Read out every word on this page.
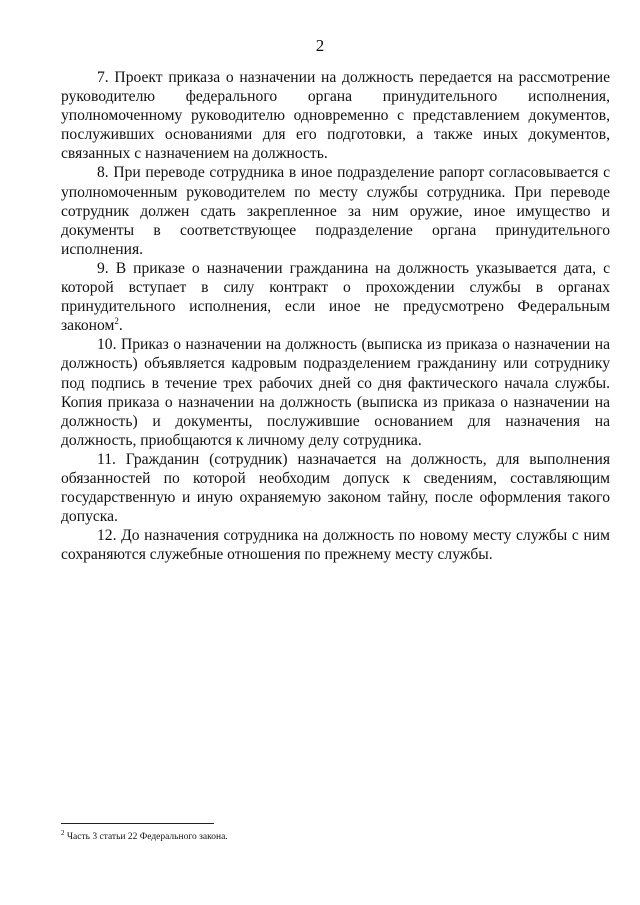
2

7. Проект приказа о назначении на должность передается на рассмотрение руководителю федерального органа принудительного исполнения, уполномоченному руководителю одновременно с представлением документов, послуживших основаниями для его подготовки, а также иных документов, связанных с назначением на должность.

8. При переводе сотрудника в иное подразделение рапорт согласовывается с уполномоченным руководителем по месту службы сотрудника. При переводе сотрудник должен сдать закрепленное за ним оружие, иное имущество и документы в соответствующее подразделение органа принудительного исполнения.

9. В приказе о назначении гражданина на должность указывается дата, с которой вступает в силу контракт о прохождении службы в органах принудительного исполнения, если иное не предусмотрено Федеральным законом$^2$.

10. Приказ о назначении на должность (выписка из приказа о назначении на должность) объявляется кадровым подразделением гражданину или сотруднику под подпись в течение трех рабочих дней со дня фактического начала службы. Копия приказа о назначении на должность (выписка из приказа о назначении на должность) и документы, послужившие основанием для назначения на должность, приобщаются к личному делу сотрудника.

11. Гражданин (сотрудник) назначается на должность, для выполнения обязанностей по которой необходим допуск к сведениям, составляющим государственную и иную охраняемую законом тайну, после оформления такого допуска.

12. До назначения сотрудника на должность по новому месту службы с ним сохраняются служебные отношения по прежнему месту службы.

$^2$ Часть 3 статьи 22 Федерального закона.
